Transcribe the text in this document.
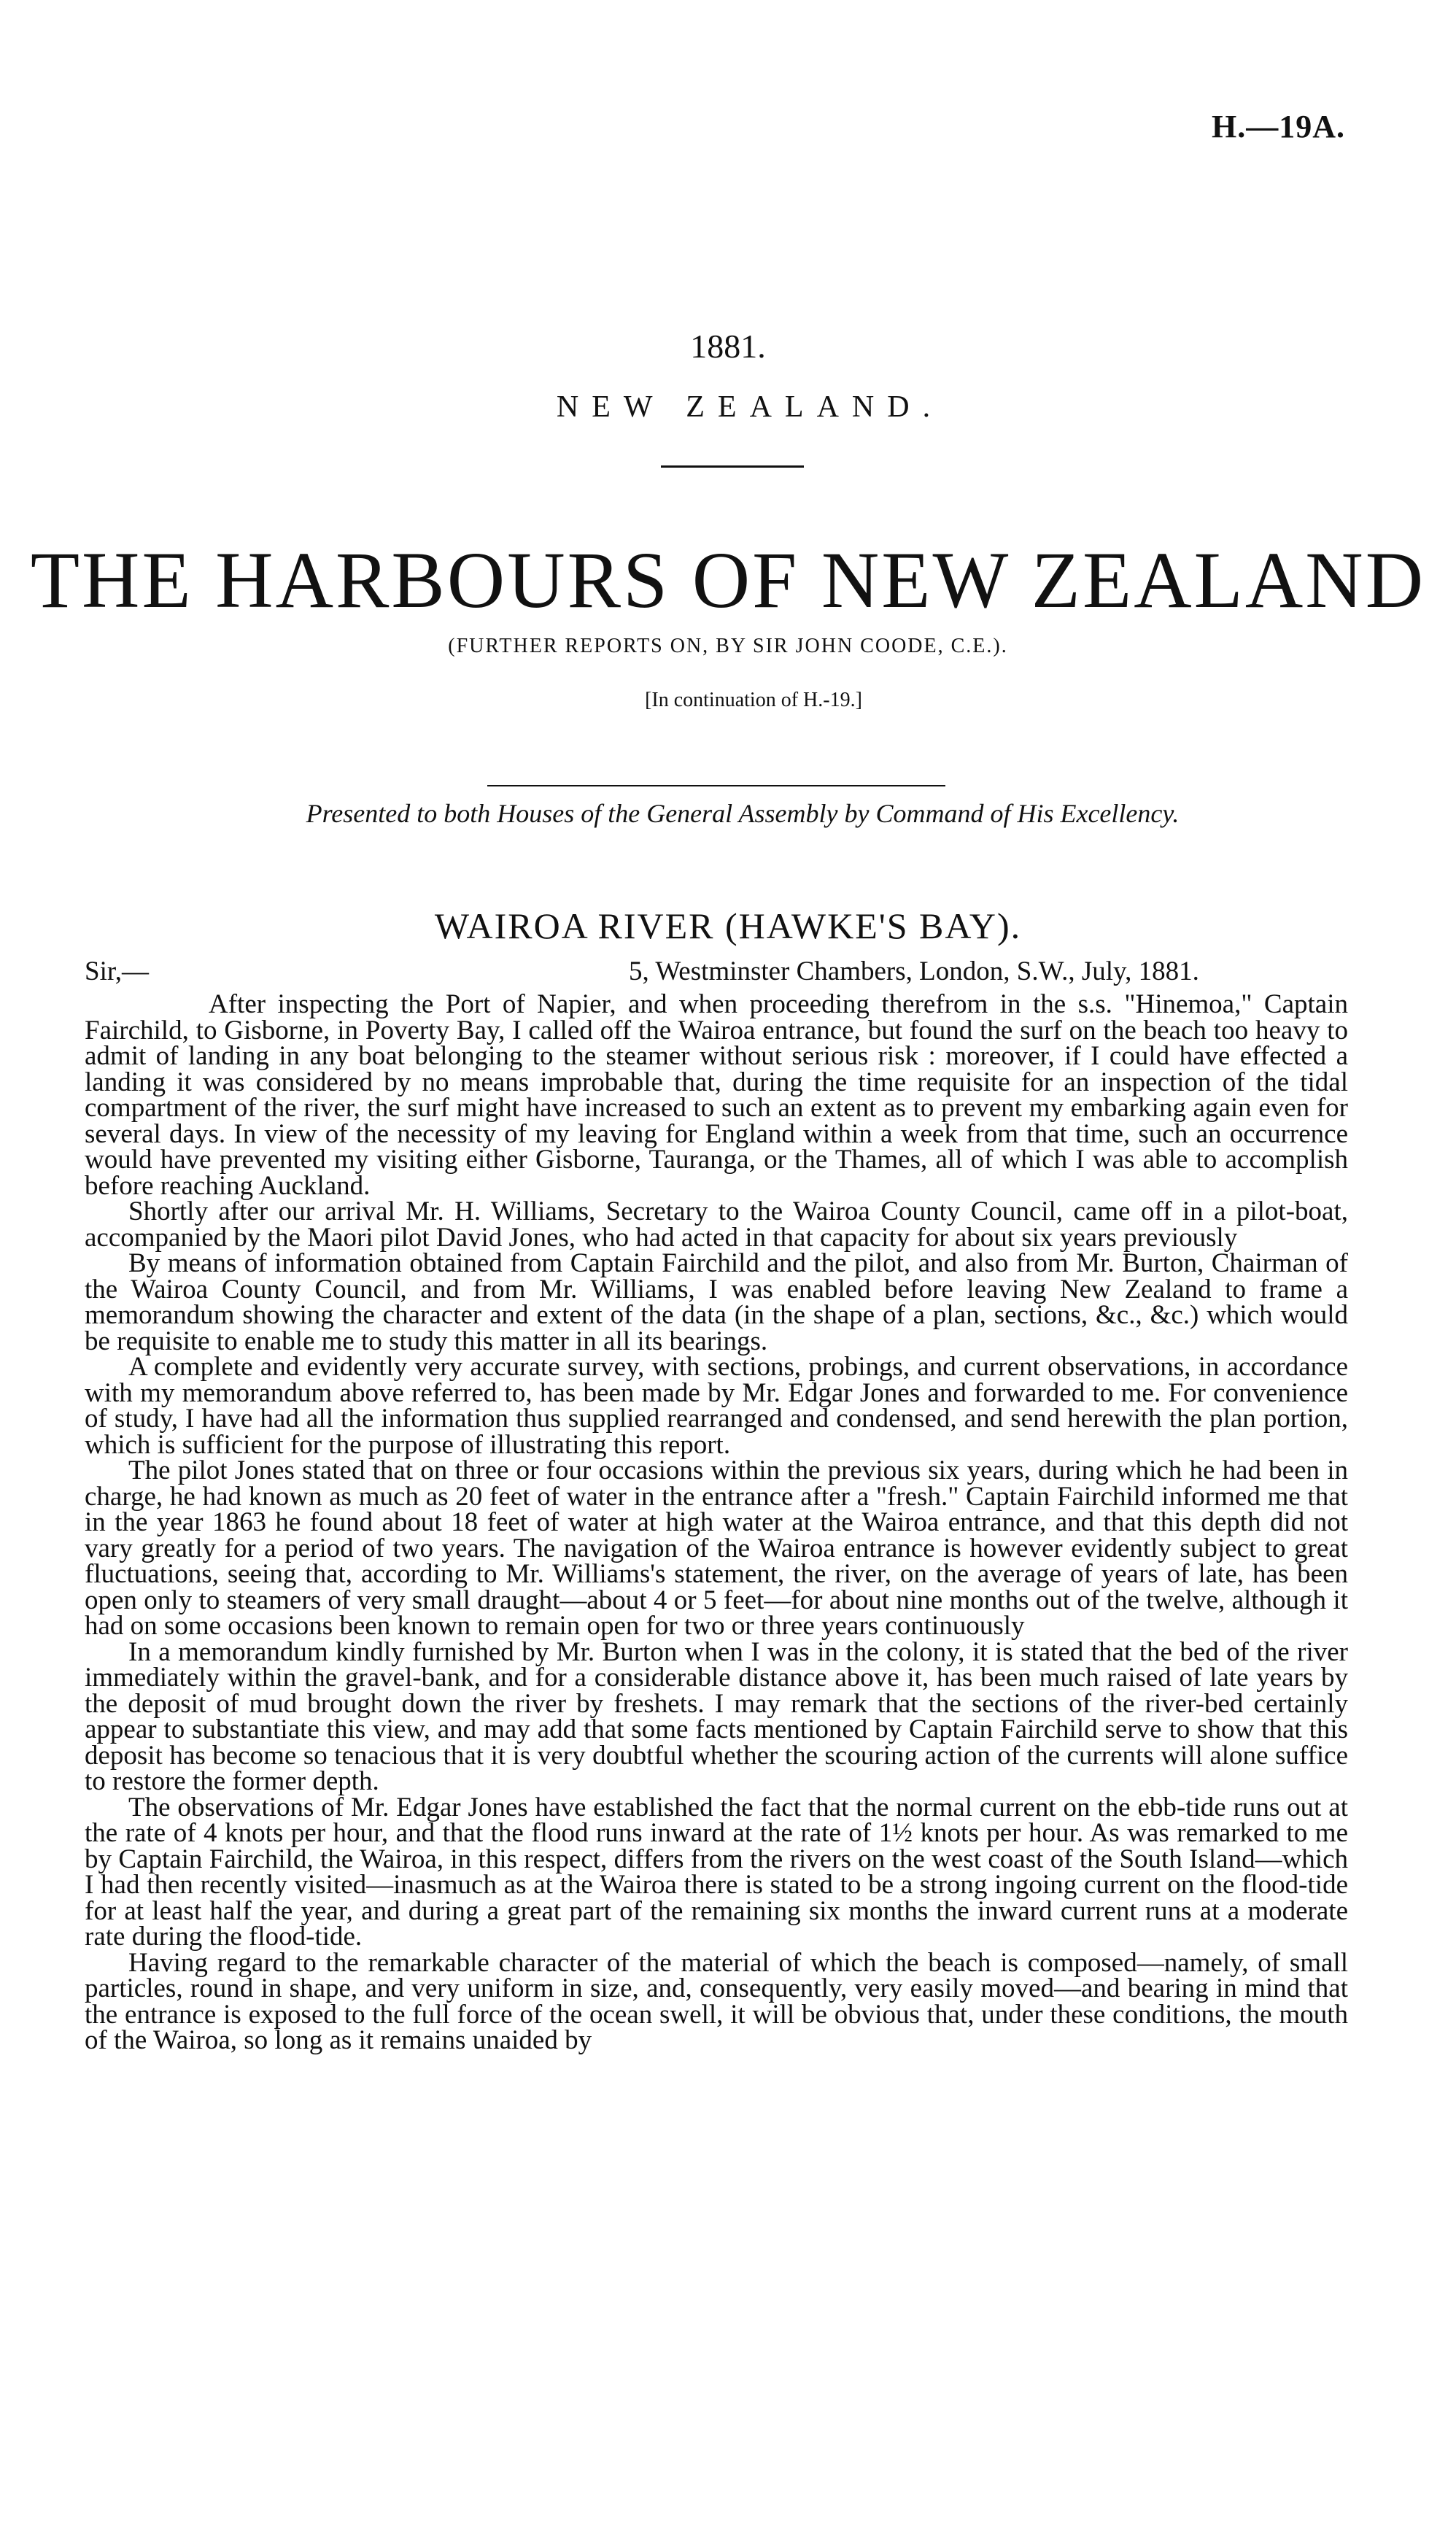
H.—19A.
1881.
NEW ZEALAND.
THE HARBOURS OF NEW ZEALAND
(FURTHER REPORTS ON, BY SIR JOHN COODE, C.E.).
[In continuation of H.-19.]
Presented to both Houses of the General Assembly by Command of His Excellency.
WAIROA RIVER (HAWKE'S BAY).
Sir,—	5, Westminster Chambers, London, S.W., July, 1881.

After inspecting the Port of Napier, and when proceeding therefrom in the s.s. "Hinemoa," Captain Fairchild, to Gisborne, in Poverty Bay, I called off the Wairoa entrance, but found the surf on the beach too heavy to admit of landing in any boat belonging to the steamer without serious risk : moreover, if I could have effected a landing it was considered by no means improbable that, during the time requisite for an inspection of the tidal compartment of the river, the surf might have increased to such an extent as to prevent my embarking again even for several days. In view of the necessity of my leaving for England within a week from that time, such an occurrence would have prevented my visiting either Gisborne, Tauranga, or the Thames, all of which I was able to accomplish before reaching Auckland.

Shortly after our arrival Mr. H. Williams, Secretary to the Wairoa County Council, came off in a pilot-boat, accompanied by the Maori pilot David Jones, who had acted in that capacity for about six years previously

By means of information obtained from Captain Fairchild and the pilot, and also from Mr. Burton, Chairman of the Wairoa County Council, and from Mr. Williams, I was enabled before leaving New Zealand to frame a memorandum showing the character and extent of the data (in the shape of a plan, sections, &c., &c.) which would be requisite to enable me to study this matter in all its bearings.

A complete and evidently very accurate survey, with sections, probings, and current observations, in accordance with my memorandum above referred to, has been made by Mr. Edgar Jones and forwarded to me. For convenience of study, I have had all the information thus supplied rearranged and condensed, and send herewith the plan portion, which is sufficient for the purpose of illustrating this report.

The pilot Jones stated that on three or four occasions within the previous six years, during which he had been in charge, he had known as much as 20 feet of water in the entrance after a "fresh." Captain Fairchild informed me that in the year 1863 he found about 18 feet of water at high water at the Wairoa entrance, and that this depth did not vary greatly for a period of two years. The navigation of the Wairoa entrance is however evidently subject to great fluctuations, seeing that, according to Mr. Williams's statement, the river, on the average of years of late, has been open only to steamers of very small draught—about 4 or 5 feet—for about nine months out of the twelve, although it had on some occasions been known to remain open for two or three years continuously

In a memorandum kindly furnished by Mr. Burton when I was in the colony, it is stated that the bed of the river immediately within the gravel-bank, and for a considerable distance above it, has been much raised of late years by the deposit of mud brought down the river by freshets. I may remark that the sections of the river-bed certainly appear to substantiate this view, and may add that some facts mentioned by Captain Fairchild serve to show that this deposit has become so tenacious that it is very doubtful whether the scouring action of the currents will alone suffice to restore the former depth.

The observations of Mr. Edgar Jones have established the fact that the normal current on the ebb-tide runs out at the rate of 4 knots per hour, and that the flood runs inward at the rate of 1½ knots per hour. As was remarked to me by Captain Fairchild, the Wairoa, in this respect, differs from the rivers on the west coast of the South Island—which I had then recently visited—inasmuch as at the Wairoa there is stated to be a strong ingoing current on the flood-tide for at least half the year, and during a great part of the remaining six months the inward current runs at a moderate rate during the flood-tide.

Having regard to the remarkable character of the material of which the beach is composed—namely, of small particles, round in shape, and very uniform in size, and, consequently, very easily moved—and bearing in mind that the entrance is exposed to the full force of the ocean swell, it will be obvious that, under these conditions, the mouth of the Wairoa, so long as it remains unaided by
